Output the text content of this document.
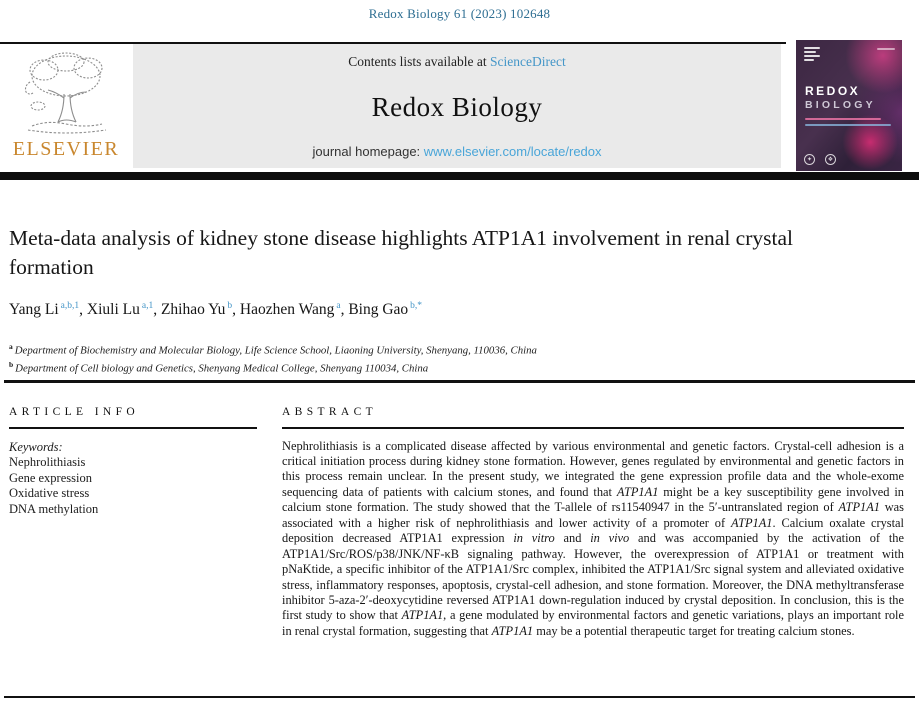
Redox Biology 61 (2023) 102648
ELSEVIER
Contents lists available at ScienceDirect
Redox Biology
journal homepage: www.elsevier.com/locate/redox
REDOX
BIOLOGY
✦	❖
Meta-data analysis of kidney stone disease highlights ATP1A1 involvement in renal crystal formation
Yang Li $^{a,b,1}$, Xiuli Lu $^{a,1}$, Zhihao Yu $^b$, Haozhen Wang $^a$, Bing Gao $^{b,*}$
$^a$ Department of Biochemistry and Molecular Biology, Life Science School, Liaoning University, Shenyang, 110036, China
$^b$ Department of Cell biology and Genetics, Shenyang Medical College, Shenyang 110034, China
ARTICLE INFO
Keywords:
Nephrolithiasis
Gene expression
Oxidative stress
DNA methylation
ABSTRACT

Nephrolithiasis is a complicated disease affected by various environmental and genetic factors. Crystal-cell adhesion is a critical initiation process during kidney stone formation. However, genes regulated by environmental and genetic factors in this process remain unclear. In the present study, we integrated the gene expression profile data and the whole-exome sequencing data of patients with calcium stones, and found that ATP1A1 might be a key susceptibility gene involved in calcium stone formation. The study showed that the T-allele of rs11540947 in the 5′-untranslated region of ATP1A1 was associated with a higher risk of nephrolithiasis and lower activity of a promoter of ATP1A1. Calcium oxalate crystal deposition decreased ATP1A1 expression in vitro and in vivo and was accompanied by the activation of the ATP1A1/Src/ROS/p38/JNK/NF-κB signaling pathway. However, the overexpression of ATP1A1 or treatment with pNaKtide, a specific inhibitor of the ATP1A1/Src complex, inhibited the ATP1A1/Src signal system and alleviated oxidative stress, inflammatory responses, apoptosis, crystal-cell adhesion, and stone formation. Moreover, the DNA methyltransferase inhibitor 5-aza-2′-deoxycytidine reversed ATP1A1 down-regulation induced by crystal deposition. In conclusion, this is the first study to show that ATP1A1, a gene modulated by environmental factors and genetic variations, plays an important role in renal crystal formation, suggesting that ATP1A1 may be a potential therapeutic target for treating calcium stones.
